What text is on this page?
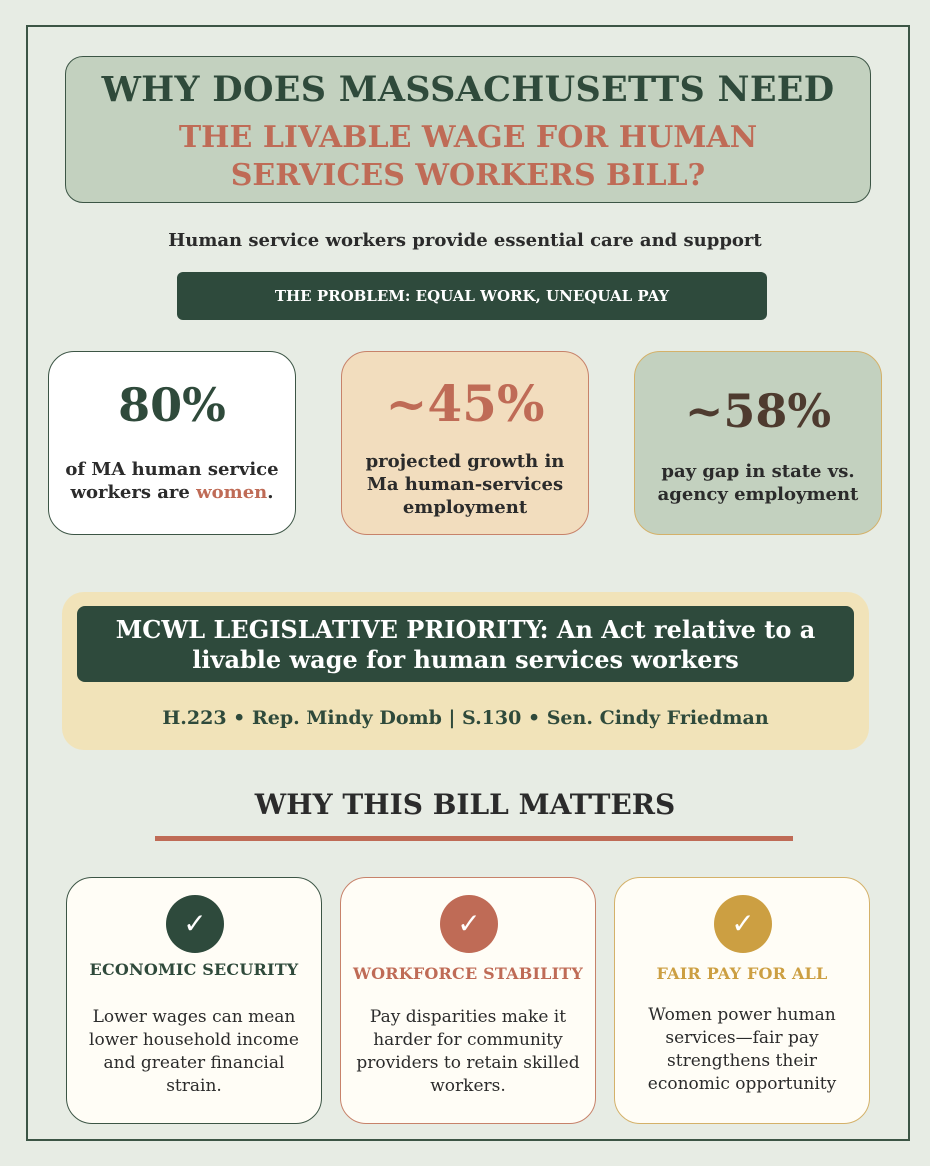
WHY DOES MASSACHUSETTS NEED
THE LIVABLE WAGE FOR HUMAN SERVICES WORKERS BILL?
Human service workers provide essential care and support
THE PROBLEM: EQUAL WORK, UNEQUAL PAY
80%
of MA human service workers are women.
~45%
projected growth in Ma human-services employment
~58%
pay gap in state vs. agency employment
MCWL LEGISLATIVE PRIORITY: An Act relative to a livable wage for human services workers
H.223 • Rep. Mindy Domb | S.130 • Sen. Cindy Friedman
WHY THIS BILL MATTERS
✓
ECONOMIC SECURITY
Lower wages can mean lower household income and greater financial strain.
✓
WORKFORCE STABILITY
Pay disparities make it harder for community providers to retain skilled workers.
✓
FAIR PAY FOR ALL
Women power human services—fair pay strengthens their economic opportunity
